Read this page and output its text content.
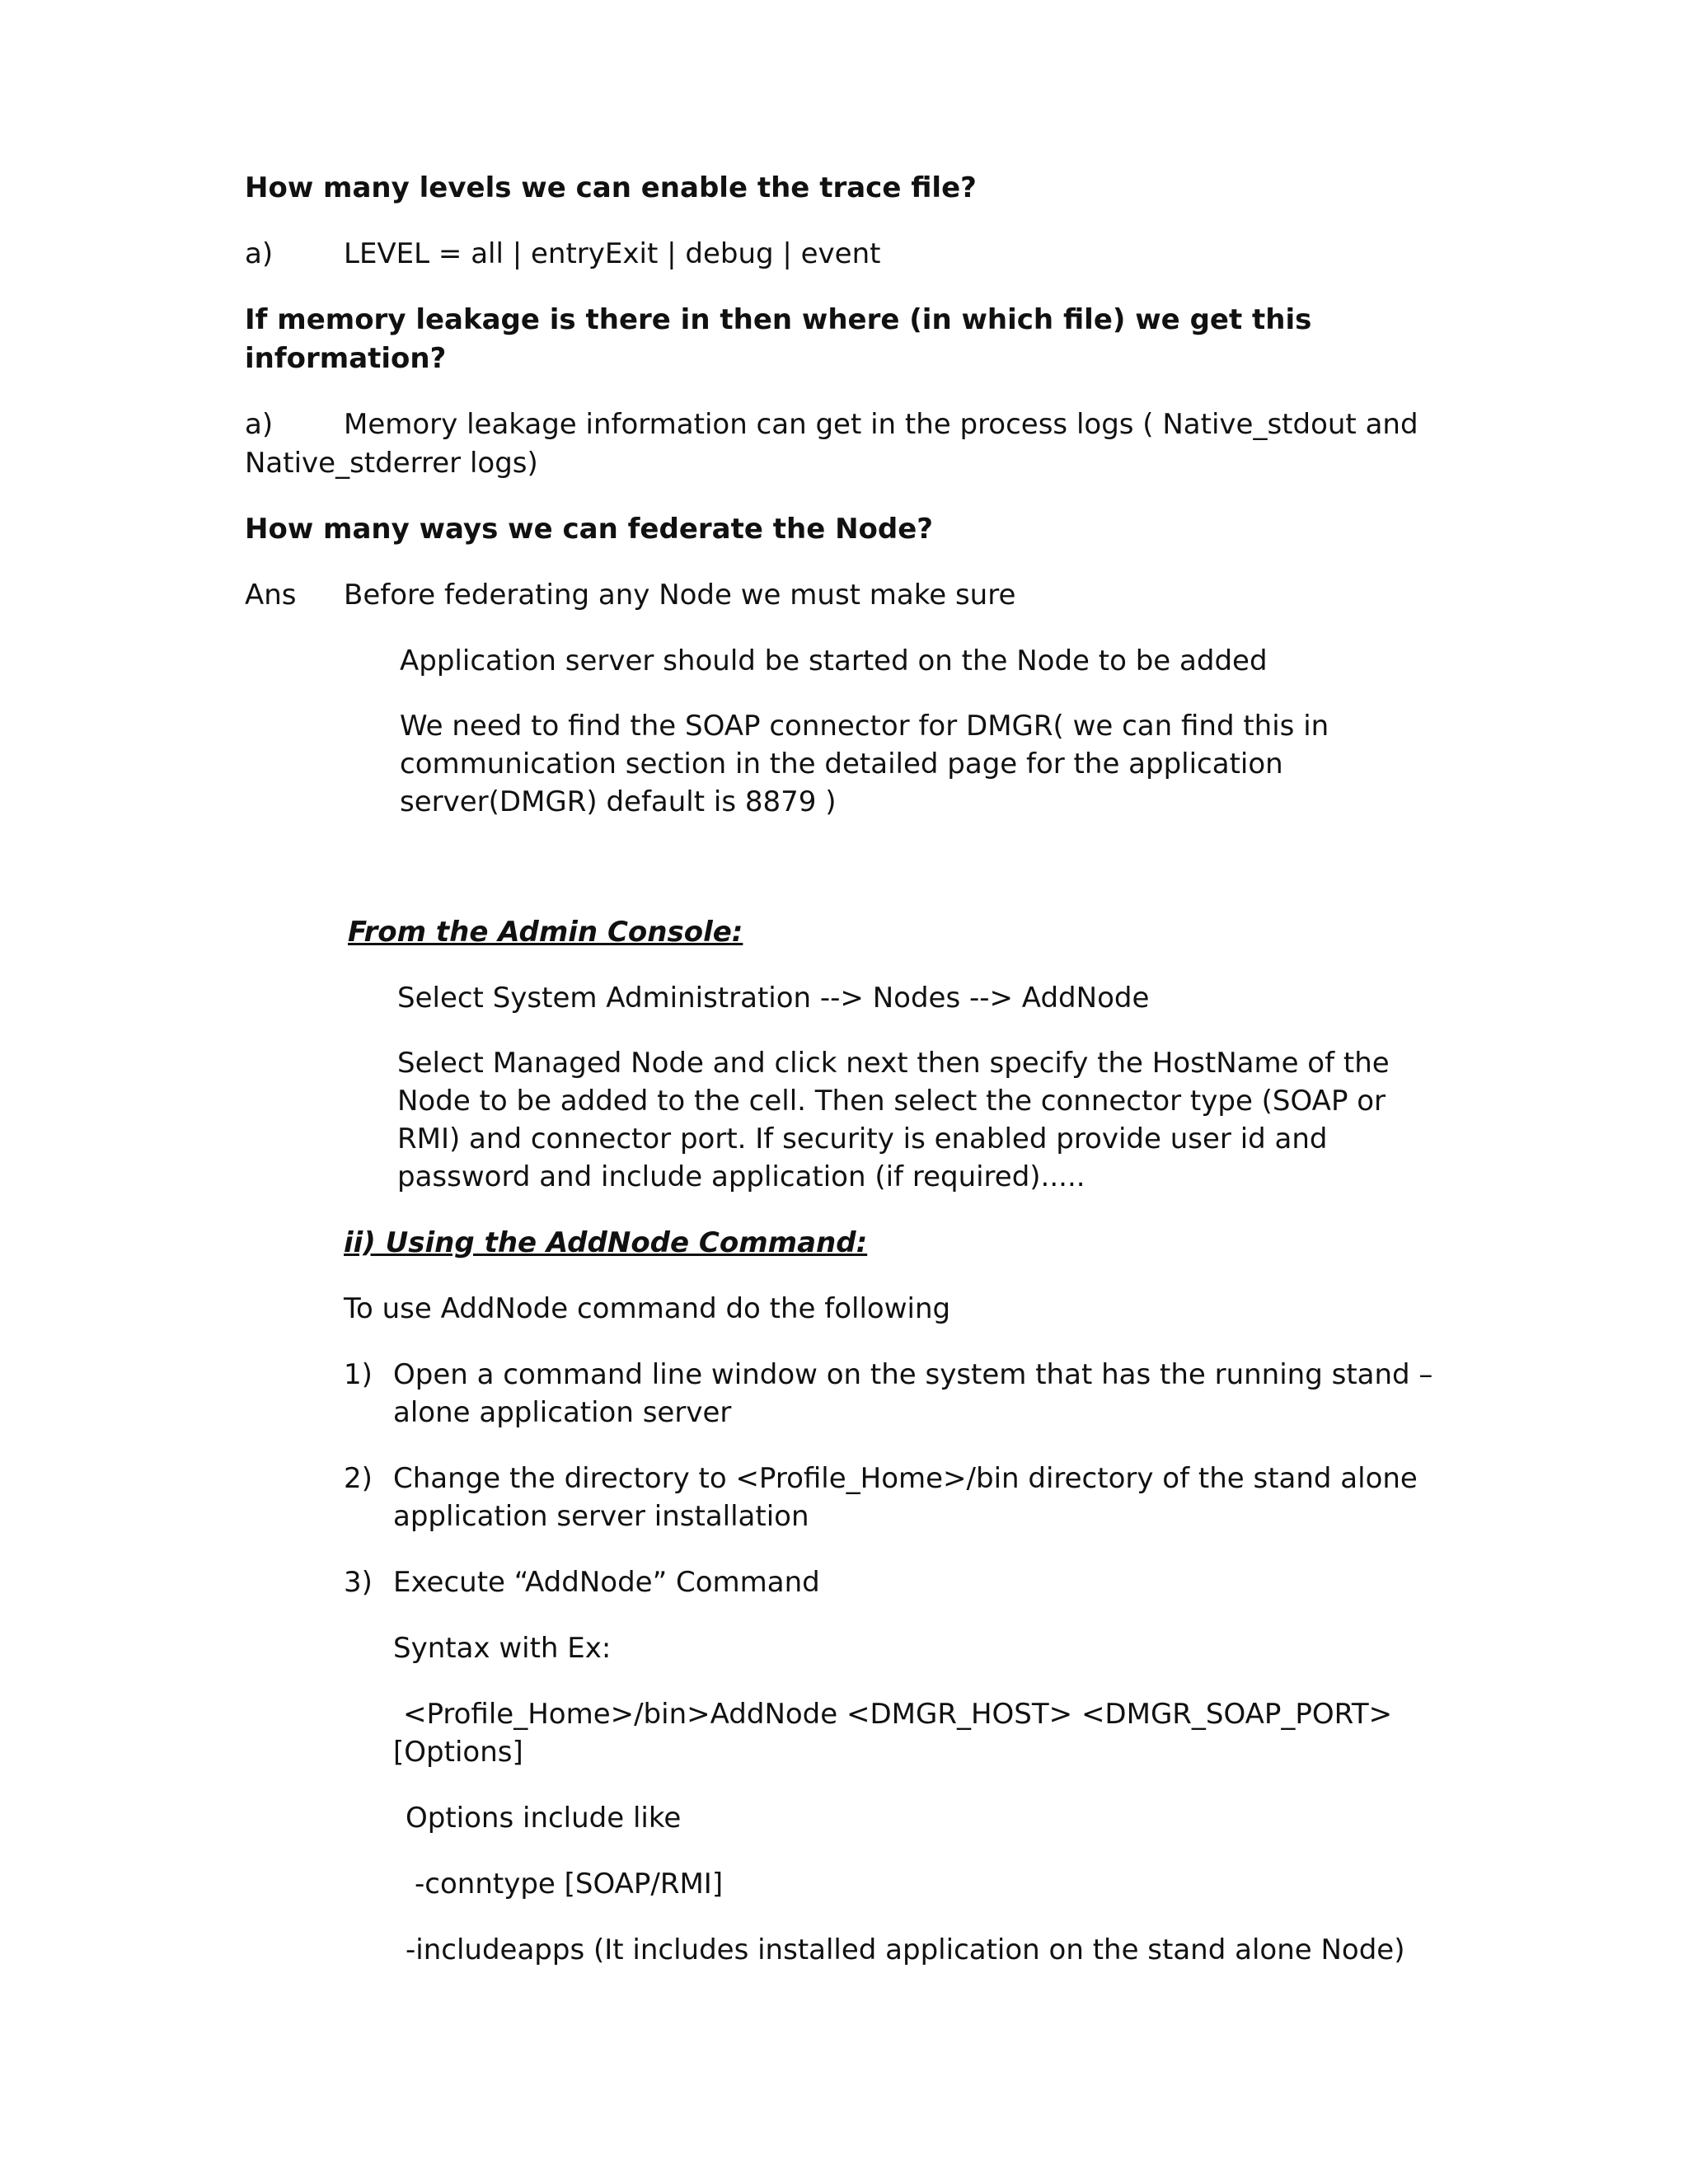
How many levels we can enable the trace file?

a)	LEVEL = all | entryExit | debug | event

If memory leakage is there in then where (in which file) we get this

information?

a)	Memory leakage information can get in the process logs ( Native_stdout and

Native_stderrer logs)

How many ways we can federate the Node?

Ans Before federating any Node we must make sure

Application server should be started on the Node to be added

We need to find the SOAP connector for DMGR( we can find this in

communication section in the detailed page for the application

server(DMGR) default is 8879 )

From the Admin Console:

Select System Administration --> Nodes --> AddNode

Select Managed Node and click next then specify the HostName of the

Node to be added to the cell. Then select the connector type (SOAP or

RMI) and connector port. If security is enabled provide user id and

password and include application (if required).....

ii) Using the AddNode Command:

To use AddNode command do the following

1) Open a command line window on the system that has the running stand –

alone application server

2) Change the directory to <Profile_Home>/bin directory of the stand alone

application server installation

3) Execute “AddNode” Command

Syntax with Ex:

<Profile_Home>/bin>AddNode <DMGR_HOST> <DMGR_SOAP_PORT>

[Options]

Options include like

-conntype [SOAP/RMI]

-includeapps (It includes installed application on the stand alone Node)
